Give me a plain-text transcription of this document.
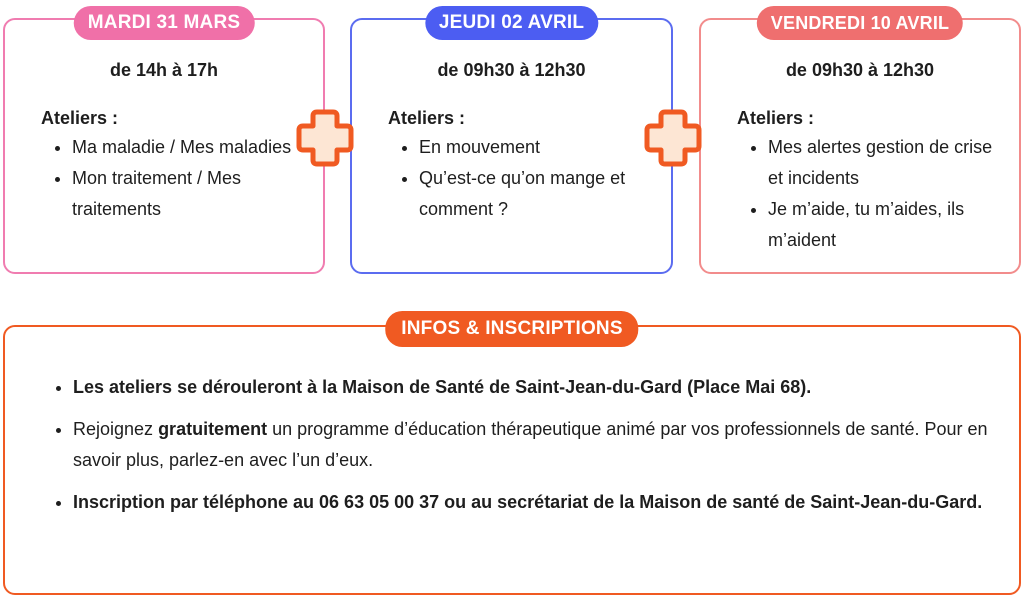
MARDI 31 MARS
de 14h à 17h
Ateliers :
• Ma maladie / Mes maladies
• Mon traitement / Mes traitements
JEUDI 02 AVRIL
de 09h30 à 12h30
Ateliers :
• En mouvement
• Qu’est-ce qu’on mange et comment ?
VENDREDI 10 AVRIL
de 09h30 à 12h30
Ateliers :
• Mes alertes gestion de crise et incidents
• Je m’aide, tu m’aides, ils m’aident
INFOS & INSCRIPTIONS
• Les ateliers se dérouleront à la Maison de Santé de Saint-Jean-du-Gard (Place Mai 68).
• Rejoignez gratuitement un programme d’éducation thérapeutique animé par vos professionnels de santé. Pour en savoir plus, parlez-en avec l’un d’eux.
• Inscription par téléphone au 06 63 05 00 37 ou au secrétariat de la Maison de santé de Saint-Jean-du-Gard.
